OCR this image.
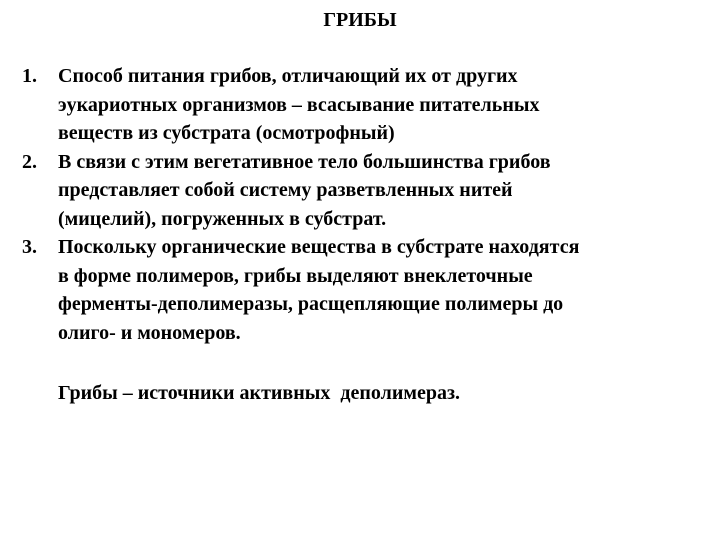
ГРИБЫ
1.	Способ питания грибов, отличающий их от других
эукариотных организмов – всасывание питательных
веществ из субстрата (осмотрофный)
2.	В связи с этим вегетативное тело большинства грибов
представляет собой систему разветвленных нитей
(мицелий), погруженных в субстрат.
3.	Поскольку органические вещества в субстрате находятся
в форме полимеров, грибы выделяют внеклеточные
ферменты-деполимеразы, расщепляющие полимеры до
олиго- и мономеров.
Грибы – источники активных  деполимераз.
